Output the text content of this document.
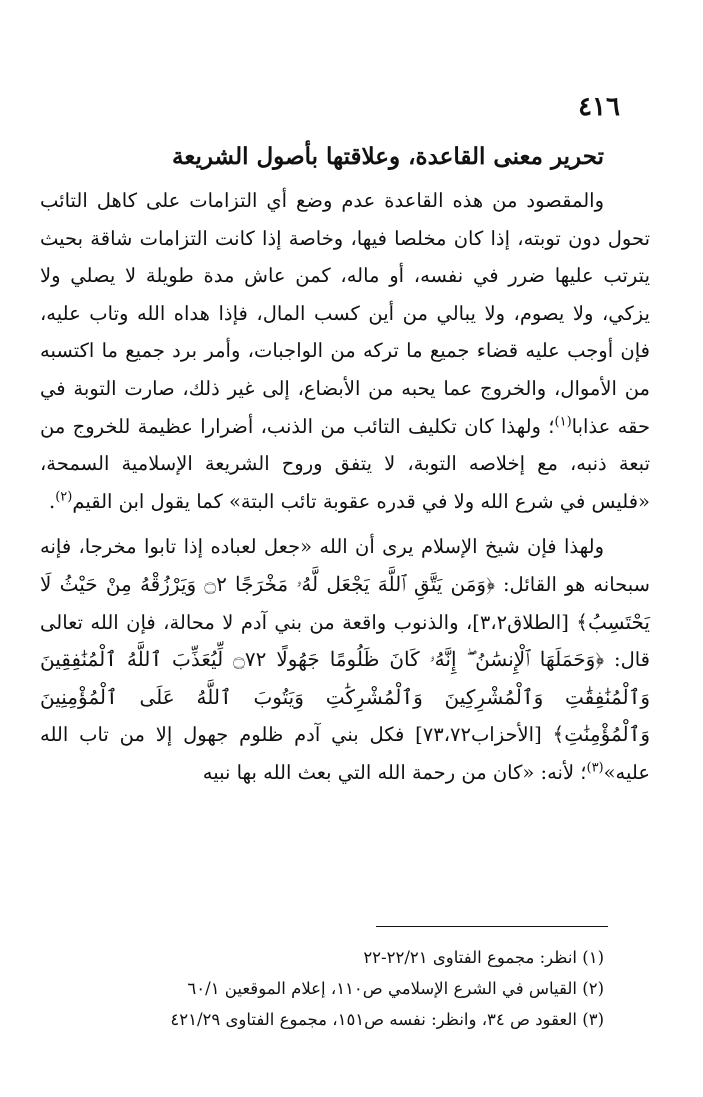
٤١٦
تحرير معنى القاعدة، وعلاقتها بأصول الشريعة

والمقصود من هذه القاعدة عدم وضع أي التزامات على كاهل التائب تحول دون توبته، إذا كان مخلصا فيها، وخاصة إذا كانت التزامات شاقة بحيث يترتب عليها ضرر في نفسه، أو ماله، كمن عاش مدة طويلة لا يصلي ولا يزكي، ولا يصوم، ولا يبالي من أين كسب المال، فإذا هداه الله وتاب عليه، فإن أوجب عليه قضاء جميع ما تركه من الواجبات، وأمر برد جميع ما اكتسبه من الأموال، والخروج عما يحبه من الأبضاع، إلى غير ذلك، صارت التوبة في حقه عذابا$^{(١)}$؛ ولهذا كان تكليف التائب من الذنب، أضرارا عظيمة للخروج من تبعة ذنبه، مع إخلاصه التوبة، لا يتفق وروح الشريعة الإسلامية السمحة، «فليس في شرع الله ولا في قدره عقوبة تائب البتة» كما يقول ابن القيم$^{(٢)}$.

ولهذا فإن شيخ الإسلام يرى أن الله «جعل لعباده إذا تابوا مخرجا، فإنه سبحانه هو القائل: ﴿وَمَن يَتَّقِ ٱللَّهَ يَجْعَل لَّهُۥ مَخْرَجًا ۝٢ وَيَرْزُقْهُ مِنْ حَيْثُ لَا يَحْتَسِبُ﴾ [الطلاق٣،٢]، والذنوب واقعة من بني آدم لا محالة، فإن الله تعالى قال: ﴿وَحَمَلَهَا ٱلْإِنسَٰنُ ۖ إِنَّهُۥ كَانَ ظَلُومًا جَهُولًا ۝٧٢ لِّيُعَذِّبَ ٱللَّهُ ٱلْمُنَٰفِقِينَ وَٱلْمُنَٰفِقَٰتِ وَٱلْمُشْرِكِينَ وَٱلْمُشْرِكَٰتِ وَيَتُوبَ ٱللَّهُ عَلَى ٱلْمُؤْمِنِينَ وَٱلْمُؤْمِنَٰتِ﴾ [الأحزاب٧٣،٧٢] فكل بني آدم ظلوم جهول إلا من تاب الله عليه»$^{(٣)}$؛ لأنه: «كان من رحمة الله التي بعث الله بها نبيه

(١) انظر: مجموع الفتاوى ٢٢/٢١-٢٢
(٢) القياس في الشرع الإسلامي ص١١٠، إعلام الموقعين ٦٠/١
(٣) العقود ص ٣٤، وانظر: نفسه ص١٥١، مجموع الفتاوى ٤٢١/٢٩
